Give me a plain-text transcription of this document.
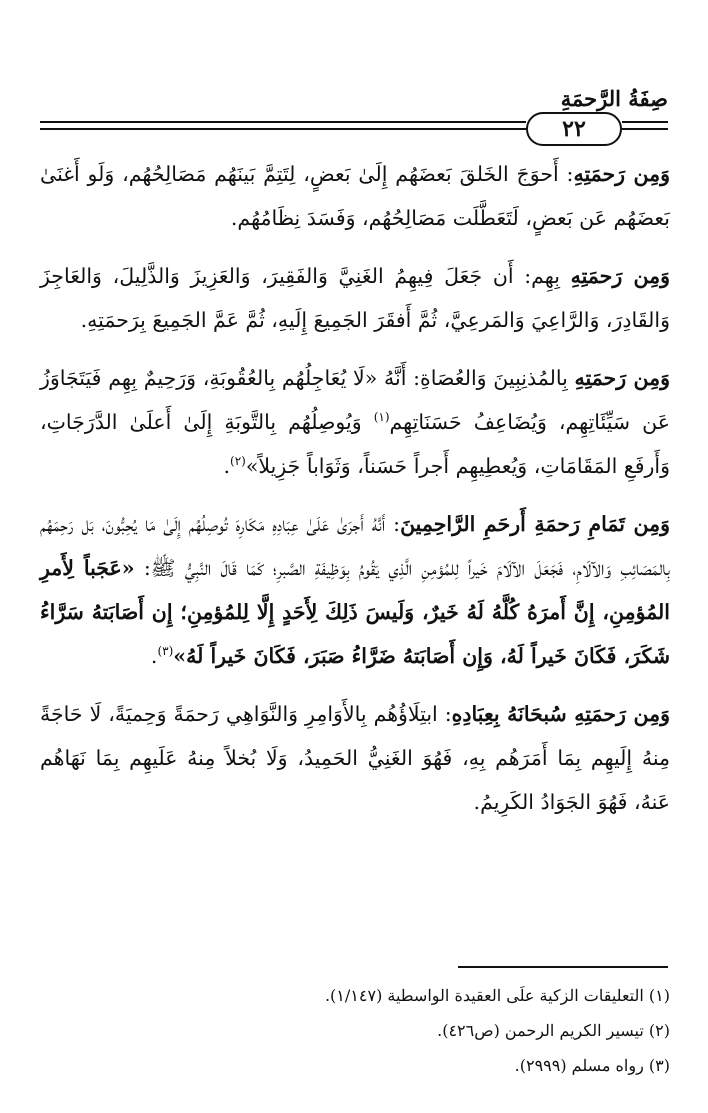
صِفَةُ الرَّحمَةِ
٢٢

وَمِن رَحمَتِهِ: أَحوَجَ الخَلقَ بَعضَهُم إِلَىٰ بَعضٍ، لِتَتِمَّ بَينَهُم مَصَالِحُهُم، وَلَو أَغنَىٰ بَعضَهُم عَن بَعضٍ، لَتَعَطَّلَت مَصَالِحُهُم، وَفَسَدَ نِظَامُهُم.

وَمِن رَحمَتِهِ بِهِم: أَن جَعَلَ فِيهِمُ الغَنِيَّ وَالفَقِيرَ، وَالعَزِيزَ وَالذَّلِيلَ، وَالعَاجِزَ وَالقَادِرَ، وَالرَّاعِيَ وَالمَرعِيَّ، ثُمَّ أَفقَرَ الجَمِيعَ إِلَيهِ، ثُمَّ عَمَّ الجَمِيعَ بِرَحمَتِهِ.

وَمِن رَحمَتِهِ بِالمُذنِبِينَ وَالعُصَاةِ: أَنَّهُ «لَا يُعَاجِلُهُم بِالعُقُوبَةِ، وَرَحِيمٌ بِهِم فَيَتَجَاوَزُ عَن سَيِّئَاتِهِم، وَيُضَاعِفُ حَسَنَاتِهِم$^{(١)}$ وَيُوصِلُهُم بِالتَّوبَةِ إِلَىٰ أَعلَىٰ الدَّرَجَاتِ، وَأَرفَعِ المَقَامَاتِ، وَيُعطِيهِم أَجراً حَسَناً، وَثَوَاباً جَزِيلاً»$^{(٢)}$.

وَمِن تَمَامِ رَحمَةِ أَرحَمِ الرَّاحِمِينَ: أَنَّهُ أَجرَىٰ عَلَىٰ عِبَادِهِ مَكَارِهَ تُوصِلُهُم إِلَىٰ مَا يُحِبُّونَ، بَل رَحِمَهُم بِالمَصَائِبِ وَالآلَامِ، فَجَعَلَ الآلَامَ خَيراً لِلمُؤمِنِ الَّذِي يَقُومُ بِوَظِيفَةِ الصَّبرِ؛ كَمَا قَالَ النَّبِيُّ ﷺ: «عَجَباً لِأَمرِ المُؤمِنِ، إِنَّ أَمرَهُ كُلَّهُ لَهُ خَيرٌ، وَلَيسَ ذَلِكَ لِأَحَدٍ إِلَّا لِلمُؤمِنِ؛ إِن أَصَابَتهُ سَرَّاءُ شَكَرَ، فَكَانَ خَيراً لَهُ، وَإِن أَصَابَتهُ ضَرَّاءُ صَبَرَ، فَكَانَ خَيراً لَهُ»$^{(٣)}$.

وَمِن رَحمَتِهِ سُبحَانَهُ بِعِبَادِهِ: ابتِلَاؤُهُم بِالأَوَامِرِ وَالنَّوَاهِي رَحمَةً وَحِميَةً، لَا حَاجَةً مِنهُ إِلَيهِم بِمَا أَمَرَهُم بِهِ، فَهُوَ الغَنِيُّ الحَمِيدُ، وَلَا بُخلاً مِنهُ عَلَيهِم بِمَا نَهَاهُم عَنهُ، فَهُوَ الجَوَادُ الكَرِيمُ.

(١) التعليقات الزكية علَى العقيدة الواسطية (١/١٤٧).
(٢) تيسير الكريم الرحمن (ص٤٢٦).
(٣) رواه مسلم (٢٩٩٩).
